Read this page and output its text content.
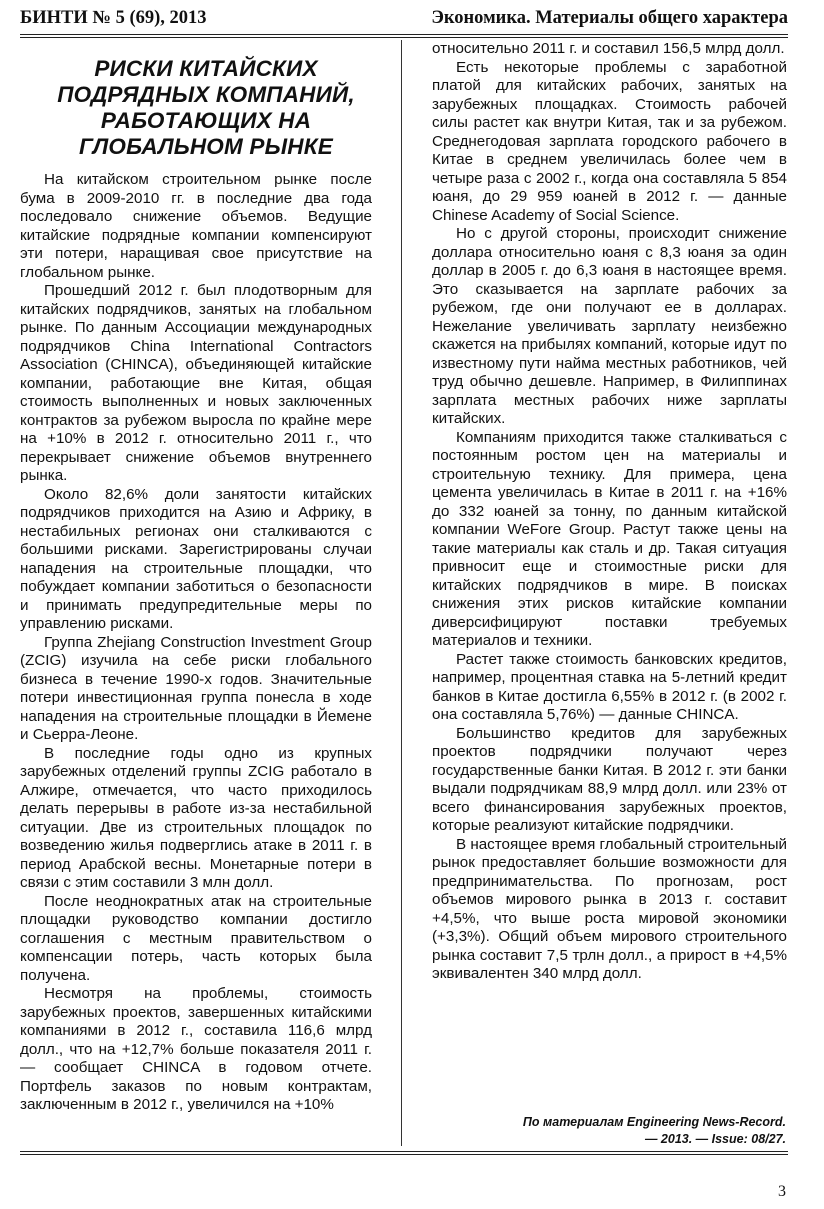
БИНТИ № 5 (69), 2013	Экономика. Материалы общего характера
РИСКИ КИТАЙСКИХ ПОДРЯДНЫХ КОМПАНИЙ, РАБОТАЮЩИХ НА ГЛОБАЛЬНОМ РЫНКЕ

На китайском строительном рынке после бума в 2009-2010 гг. в последние два года последовало снижение объемов. Ведущие китайские подрядные компании компенсируют эти потери, наращивая свое присутствие на глобальном рынке.

Прошедший 2012 г. был плодотворным для китайских подрядчиков, занятых на глобальном рынке. По данным Ассоциации международных подрядчиков China International Contractors Association (CHINCA), объединяющей китайские компании, работающие вне Китая, общая стоимость выполненных и новых заключенных контрактов за рубежом выросла по крайне мере на +10% в 2012 г. относительно 2011 г., что перекрывает снижение объемов внутреннего рынка.

Около 82,6% доли занятости китайских подрядчиков приходится на Азию и Африку, в нестабильных регионах они сталкиваются с большими рисками. Зарегистрированы случаи нападения на строительные площадки, что побуждает компании заботиться о безопасности и принимать предупредительные меры по управлению рисками.

Группа Zhejiang Construction Investment Group (ZCIG) изучила на себе риски глобального бизнеса в течение 1990-х годов. Значительные потери инвестиционная группа понесла в ходе нападения на строительные площадки в Йемене и Сьерра-Леоне.

В последние годы одно из крупных зарубежных отделений группы ZCIG работало в Алжире, отмечается, что часто приходилось делать перерывы в работе из-за нестабильной ситуации. Две из строительных площадок по возведению жилья подверглись атаке в 2011 г. в период Арабской весны. Монетарные потери в связи с этим составили 3 млн долл.

После неоднократных атак на строительные площадки руководство компании достигло соглашения с местным правительством о компенсации потерь, часть которых была получена.

Несмотря на проблемы, стоимость зарубежных проектов, завершенных китайскими компаниями в 2012 г., составила 116,6 млрд долл., что на +12,7% больше показателя 2011 г. — сообщает CHINCA в годовом отчете. Портфель заказов по новым контрактам, заключенным в 2012 г., увеличился на +10%

относительно 2011 г. и составил 156,5 млрд долл.

Есть некоторые проблемы с заработной платой для китайских рабочих, занятых на зарубежных площадках. Стоимость рабочей силы растет как внутри Китая, так и за рубежом. Среднегодовая зарплата городского рабочего в Китае в среднем увеличилась более чем в четыре раза с 2002 г., когда она составляла 5 854 юаня, до 29 959 юаней в 2012 г. — данные Chinese Academy of Social Science.

Но с другой стороны, происходит снижение доллара относительно юаня с 8,3 юаня за один доллар в 2005 г. до 6,3 юаня в настоящее время. Это сказывается на зарплате рабочих за рубежом, где они получают ее в долларах. Нежелание увеличивать зарплату неизбежно скажется на прибылях компаний, которые идут по известному пути найма местных работников, чей труд обычно дешевле. Например, в Филиппинах зарплата местных рабочих ниже зарплаты китайских.

Компаниям приходится также сталкиваться с постоянным ростом цен на материалы и строительную технику. Для примера, цена цемента увеличилась в Китае в 2011 г. на +16% до 332 юаней за тонну, по данным китайской компании WeFore Group. Растут также цены на такие материалы как сталь и др. Такая ситуация привносит еще и стоимостные риски для китайских подрядчиков в мире. В поисках снижения этих рисков китайские компании диверсифицируют поставки требуемых материалов и техники.

Растет также стоимость банковских кредитов, например, процентная ставка на 5-летний кредит банков в Китае достигла 6,55% в 2012 г. (в 2002 г. она составляла 5,76%) — данные CHINCA.

Большинство кредитов для зарубежных проектов подрядчики получают через государственные банки Китая. В 2012 г. эти банки выдали подрядчикам 88,9 млрд долл. или 23% от всего финансирования зарубежных проектов, которые реализуют китайские подрядчики.

В настоящее время глобальный строительный рынок предоставляет большие возможности для предпринимательства. По прогнозам, рост объемов мирового рынка в 2013 г. составит +4,5%, что выше роста мировой экономики (+3,3%). Общий объем мирового строительного рынка составит 7,5 трлн долл., а прирост в +4,5% эквивалентен 340 млрд долл.

По материалам Engineering News-Record.
— 2013. — Issue: 08/27.
3
